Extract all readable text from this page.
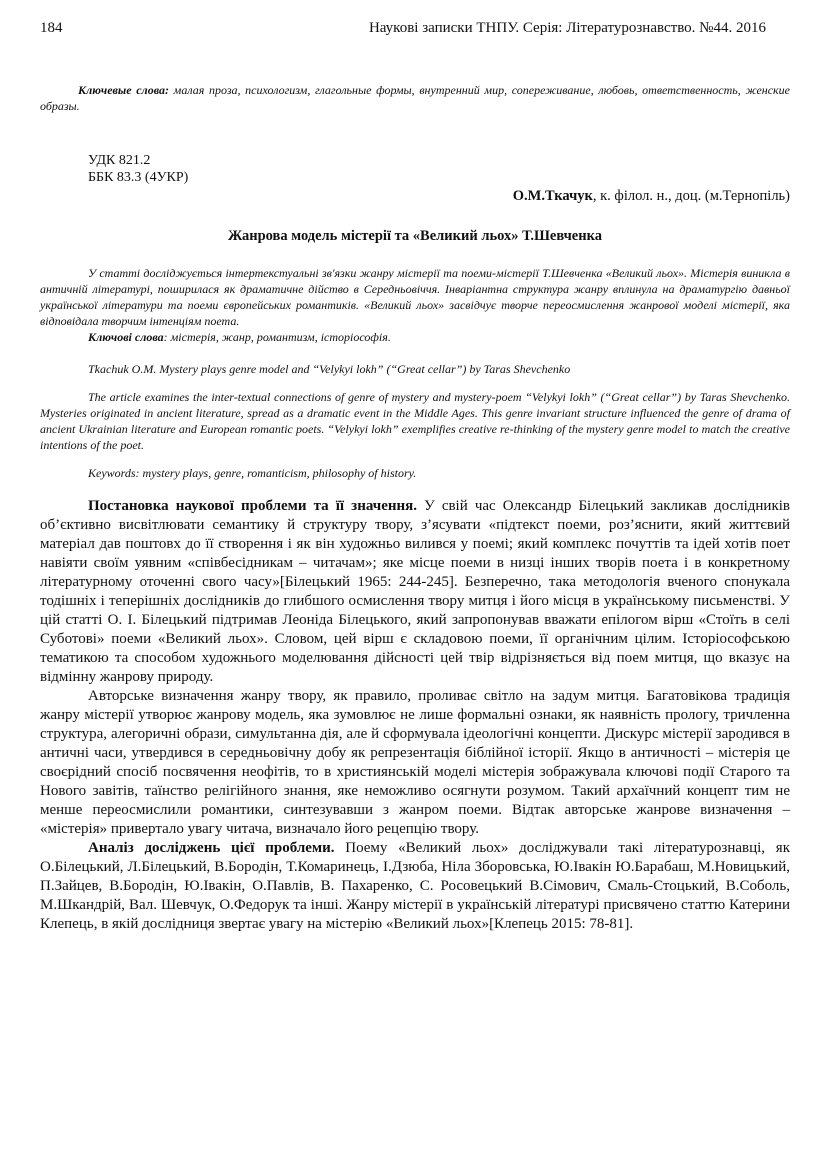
184	Наукові записки ТНПУ. Серія: Літературознавство. №44. 2016
Ключевые слова: малая проза, психологизм, глагольные формы, внутренний мир, сопереживание, любовь, ответственность, женские образы.
УДК 821.2
ББК 83.3 (4УКР)
О.М.Ткачук, к. філол. н., доц. (м.Тернопіль)
Жанрова модель містерії та «Великий льох» Т.Шевченка

У статті досліджується інтертекстуальні зв'язки жанру містерії та поеми-містерії Т.Шевченка «Великий льох». Містерія виникла в античній літературі, поширилася як драматичне дійство в Середньовіччя. Інваріантна структура жанру вплинула на драматургію давньої української літератури та поеми європейських романтиків. «Великий льох» засвідчує творче переосмислення жанрової моделі містерії, яка відповідала творчим інтенціям поета.

Ключові слова: містерія, жанр, романтизм, історіософія.

Tkachuk O.M. Mystery plays genre model and “Velykyi lokh” (“Great cellar”) by Taras Shevchenko

The article examines the inter-textual connections of genre of mystery and mystery-poem “Velykyi lokh” (“Great cellar”) by Taras Shevchenko. Mysteries originated in ancient literature, spread as a dramatic event in the Middle Ages. This genre invariant structure influenced the genre of drama of ancient Ukrainian literature and European romantic poets. “Velykyi lokh” exemplifies creative re-thinking of the mystery genre model to match the creative intentions of the poet.

Keywords: mystery plays, genre, romanticism, philosophy of history.

Постановка наукової проблеми та її значення. У свій час Олександр Білецький закликав дослідників об’єктивно висвітлювати семантику й структуру твору, з’ясувати «підтекст поеми, роз’яснити, який життєвий матеріал дав поштовх до її створення і як він художньо вилився у поемі; який комплекс почуттів та ідей хотів поет навіяти своїм уявним «співбесідникам – читачам»; яке місце поеми в низці інших творів поета і в конкретному літературному оточенні свого часу»[Білецький 1965: 244-245]. Безперечно, така методологія вченого спонукала тодішніх і теперішніх дослідників до глибшого осмислення твору митця і його місця в українському письменстві. У цій статті О. І. Білецький підтримав Леоніда Білецького, який запропонував вважати епілогом вірш «Стоїть в селі Суботові» поеми «Великий льох». Словом, цей вірш є складовою поеми, її органічним цілим. Історіософською тематикою та способом художнього моделювання дійсності цей твір відрізняється від поем митця, що вказує на відмінну жанрову природу.

Авторське визначення жанру твору, як правило, проливає світло на задум митця. Багатовікова традиція жанру містерії утворює жанрову модель, яка зумовлює не лише формальні ознаки, як наявність прологу, тричленна структура, алегоричні образи, симультанна дія, але й сформувала ідеологічні концепти. Дискурс містерії зародився в античні часи, утвердився в середньовічну добу як репрезентація біблійної історії. Якщо в античності – містерія це своєрідний спосіб посвячення неофітів, то в християнській моделі містерія зображувала ключові події Старого та Нового завітів, таїнство релігійного знання, яке неможливо осягнути розумом. Такий архаїчний концепт тим не менше переосмислили романтики, синтезувавши з жанром поеми. Відтак авторське жанрове визначення – «містерія» привертало увагу читача, визначало його рецепцію твору.

Аналіз досліджень цієї проблеми. Поему «Великий льох» досліджували такі літературознавці, як О.Білецький, Л.Білецький, В.Бородін, Т.Комаринець, І.Дзюба, Ніла Зборовська, Ю.Івакін Ю.Барабаш, М.Новицький, П.Зайцев, В.Бородін, Ю.Івакін, О.Павлів, В. Пахаренко, С. Росовецький В.Сімович, Смаль-Стоцький, В.Соболь, М.Шкандрій, Вал. Шевчук, О.Федорук та інші. Жанру містерії в українській літературі присвячено статтю Катерини Клепець, в якій дослідниця звертає увагу на містерію «Великий льох»[Клепець 2015: 78-81].
